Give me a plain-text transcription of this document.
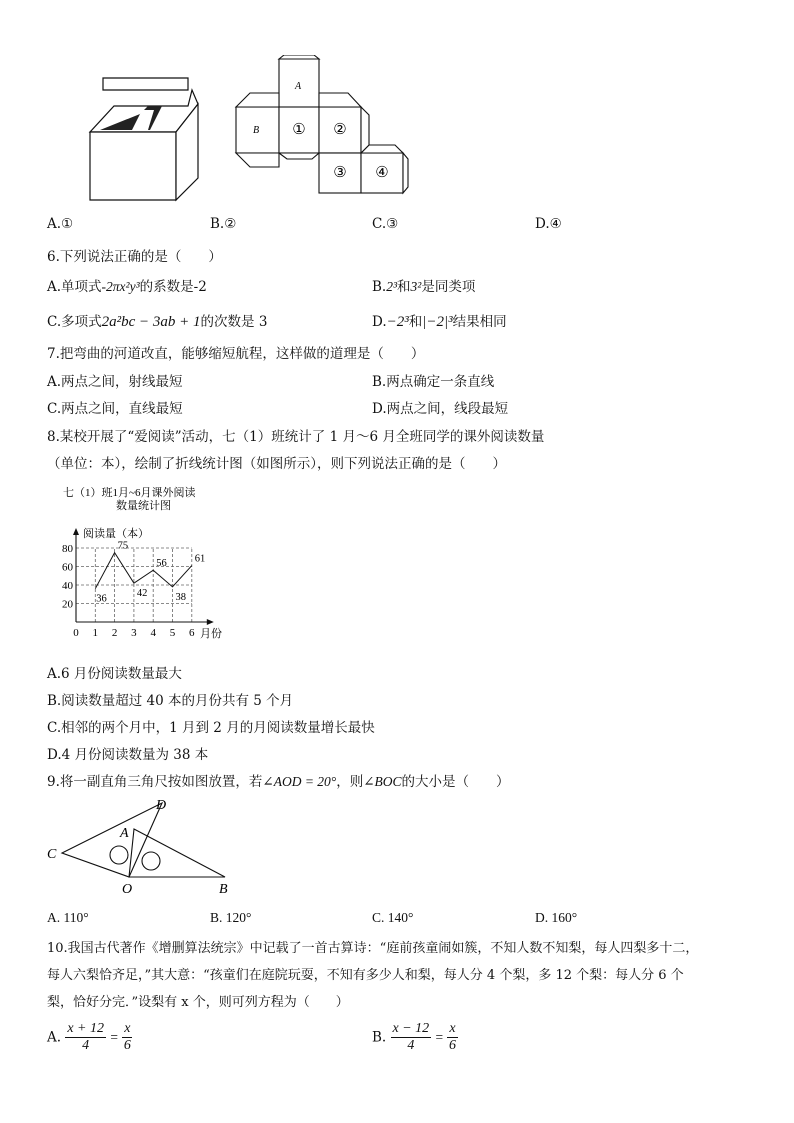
A
B ① ②
③ ④
A.①	B.②	C.③	D.④
6.下列说法正确的是（　　）
A.单项式-2πx²y³的系数是-2	B.2³和3²是同类项
C.多项式2a²bc − 3ab + 1的次数是 3	D.−2³和|−2|³结果相同
7.把弯曲的河道改直，能够缩短航程，这样做的道理是（　　）
A.两点之间，射线最短	B.两点确定一条直线
C.两点之间，直线最短	D.两点之间，线段最短
8.某校开展了“爱阅读”活动，七（1）班统计了 1 月～6 月全班同学的课外阅读数量
（单位：本），绘制了折线统计图（如图所示），则下列说法正确的是（　　）
七（1）班1月~6月课外阅读
数量统计图
20
40
60
80
0 1 2 3 4 5 6
36
75
42
56
38
61
阅读量（本）
月份
A.6 月份阅读数量最大
B.阅读数量超过 40 本的月份共有 5 个月
C.相邻的两个月中，1 月到 2 月的月阅读数量增长最快
D.4 月份阅读数量为 38 本
9.将一副直角三角尺按如图放置，若∠AOD = 20°，则∠BOC的大小是（　　）
D
A
C
O	B
A. 110°	B. 120°	C. 140°	D. 160°
10.我国古代著作《增删算法统宗》中记载了一首古算诗：“庭前孩童闹如簇，不知人数不知梨，每人四梨多十二，
每人六梨恰齐足，”其大意：“孩童们在庭院玩耍，不知有多少人和梨，每人分 4 个梨，多 12 个梨：每人分 6 个
梨，恰好分完．”设梨有 x 个，则可列方程为（　　）
A. $\frac{x + 12}{4} = \frac{x}{6}$	B. $\frac{x - 12}{4} = \frac{x}{6}$
